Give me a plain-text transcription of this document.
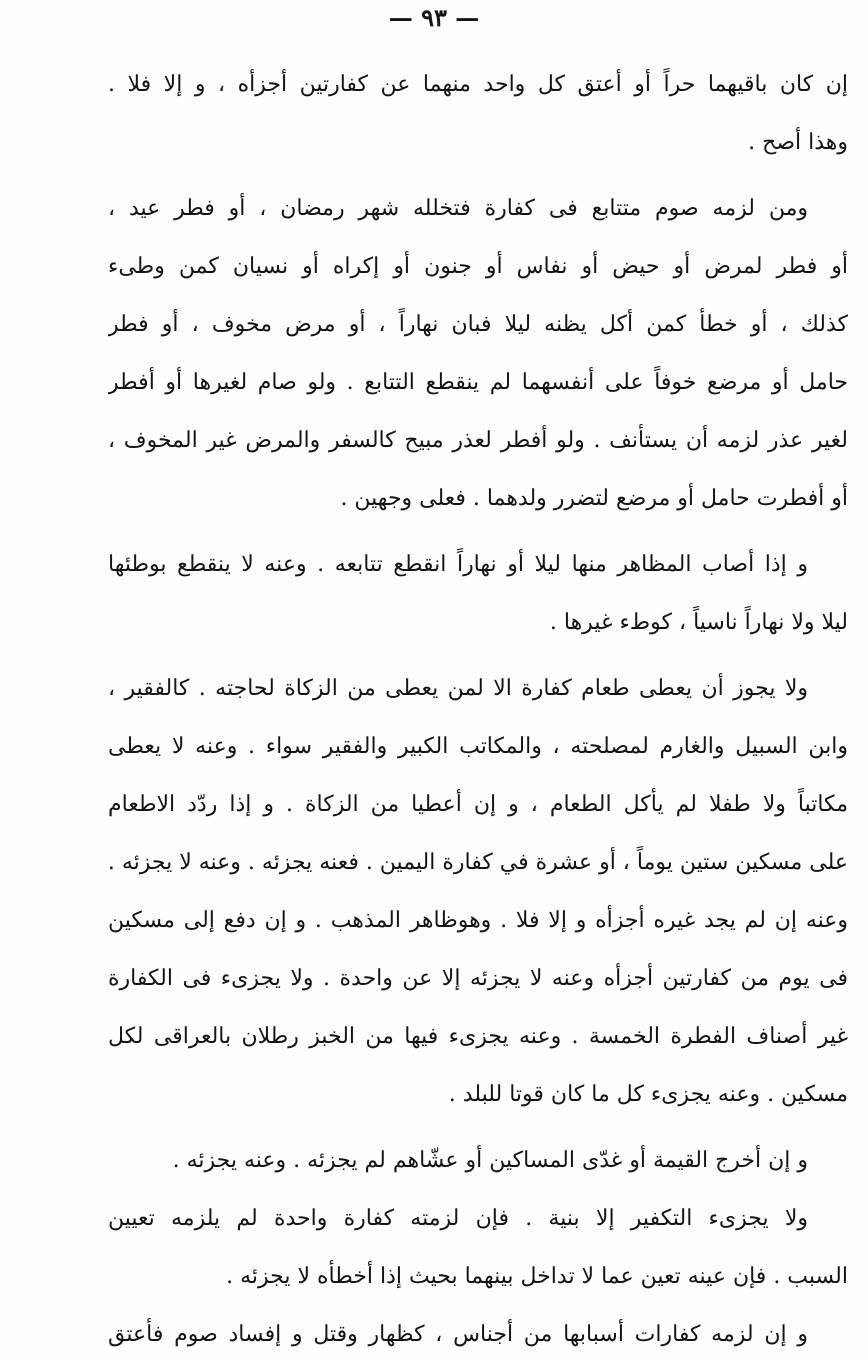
— ٩٣ —
إن كان باقيهما حراً أو أعتق كل واحد منهما عن كفارتين أجزأه ، و إلا فلا .
وهذا أصح .
ومن لزمه صوم متتابع فى كفارة فتخلله شهر رمضان ، أو فطر عيد ،
أو فطر لمرض أو حيض أو نفاس أو جنون أو إكراه أو نسيان كمن وطىء
كذلك ، أو خطأ كمن أكل يظنه ليلا فبان نهاراً ، أو مرض مخوف ، أو فطر
حامل أو مرضع خوفاً على أنفسهما لم ينقطع التتابع . ولو صام لغيرها أو أفطر
لغير عذر لزمه أن يستأنف . ولو أفطر لعذر مبيح كالسفر والمرض غير المخوف ،
أو أفطرت حامل أو مرضع لتضرر ولدهما . فعلى وجهين .
و إذا أصاب المظاهر منها ليلا أو نهاراً انقطع تتابعه . وعنه لا ينقطع بوطئها
ليلا ولا نهاراً ناسياً ، كوطء غيرها .
ولا يجوز أن يعطى طعام كفارة الا لمن يعطى من الزكاة لحاجته . كالفقير ،
وابن السبيل والغارم لمصلحته ، والمكاتب الكبير والفقير سواء . وعنه لا يعطى
مكاتباً ولا طفلا لم يأكل الطعام ، و إن أعطيا من الزكاة . و إذا ردّد الاطعام
على مسكين ستين يوماً ، أو عشرة في كفارة اليمين . فعنه يجزئه . وعنه لا يجزئه .
وعنه إن لم يجد غيره أجزأه و إلا فلا . وهوظاهر المذهب . و إن دفع إلى مسكين
فى يوم من كفارتين أجزأه وعنه لا يجزئه إلا عن واحدة . ولا يجزىء فى الكفارة
غير أصناف الفطرة الخمسة . وعنه يجزىء فيها من الخبز رطلان بالعراقى لكل
مسكين . وعنه يجزىء كل ما كان قوتا للبلد .
و إن أخرج القيمة أو غدّى المساكين أو عشّاهم لم يجزئه . وعنه يجزئه .
ولا يجزىء التكفير إلا بنية . فإن لزمته كفارة واحدة لم يلزمه تعيين
السبب . فإن عينه تعين عما لا تداخل بينهما بحيث إذا أخطأه لا يجزئه .
و إن لزمه كفارات أسبابها من أجناس ، كظهار وقتل و إفساد صوم فأعتق
